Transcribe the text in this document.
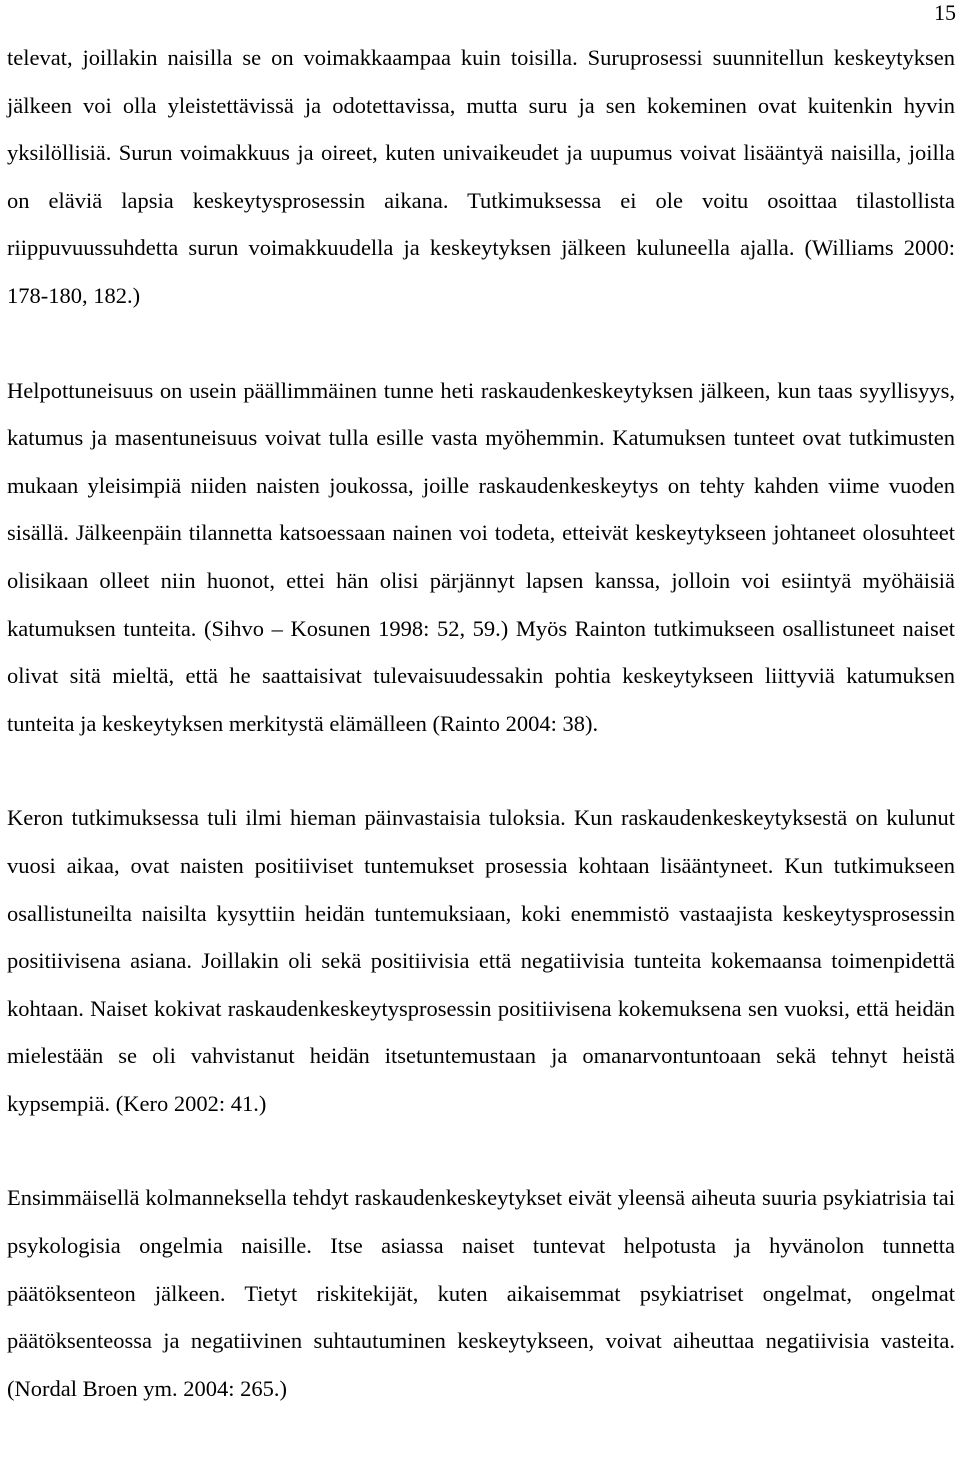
15

televat, joillakin naisilla se on voimakkaampaa kuin toisilla. Suruprosessi suunnitellun keskeytyksen jälkeen voi olla yleistettävissä ja odotettavissa, mutta suru ja sen kokeminen ovat kuitenkin hyvin yksilöllisiä. Surun voimakkuus ja oireet, kuten univaikeudet ja uupumus voivat lisääntyä naisilla, joilla on eläviä lapsia keskeytysprosessin aikana. Tutkimuksessa ei ole voitu osoittaa tilastollista riippuvuussuhdetta surun voimakkuudella ja keskeytyksen jälkeen kuluneella ajalla. (Williams 2000: 178-180, 182.)

Helpottuneisuus on usein päällimmäinen tunne heti raskaudenkeskeytyksen jälkeen, kun taas syyllisyys, katumus ja masentuneisuus voivat tulla esille vasta myöhemmin. Katumuksen tunteet ovat tutkimusten mukaan yleisimpiä niiden naisten joukossa, joille raskaudenkeskeytys on tehty kahden viime vuoden sisällä. Jälkeenpäin tilannetta katsoessaan nainen voi todeta, etteivät keskeytykseen johtaneet olosuhteet olisikaan olleet niin huonot, ettei hän olisi pärjännyt lapsen kanssa, jolloin voi esiintyä myöhäisiä katumuksen tunteita. (Sihvo – Kosunen 1998: 52, 59.) Myös Rainton tutkimukseen osallistuneet naiset olivat sitä mieltä, että he saattaisivat tulevaisuudessakin pohtia keskeytykseen liittyviä katumuksen tunteita ja keskeytyksen merkitystä elämälleen (Rainto 2004: 38).

Keron tutkimuksessa tuli ilmi hieman päinvastaisia tuloksia. Kun raskaudenkeskeytyksestä on kulunut vuosi aikaa, ovat naisten positiiviset tuntemukset prosessia kohtaan lisääntyneet. Kun tutkimukseen osallistuneilta naisilta kysyttiin heidän tuntemuksiaan, koki enemmistö vastaajista keskeytysprosessin positiivisena asiana. Joillakin oli sekä positiivisia että negatiivisia tunteita kokemaansa toimenpidettä kohtaan. Naiset kokivat raskaudenkeskeytysprosessin positiivisena kokemuksena sen vuoksi, että heidän mielestään se oli vahvistanut heidän itsetuntemustaan ja omanarvontuntoaan sekä tehnyt heistä kypsempiä. (Kero 2002: 41.)

Ensimmäisellä kolmanneksella tehdyt raskaudenkeskeytykset eivät yleensä aiheuta suuria psykiatrisia tai psykologisia ongelmia naisille. Itse asiassa naiset tuntevat helpotusta ja hyvänolon tunnetta päätöksenteon jälkeen. Tietyt riskitekijät, kuten aikaisemmat psykiatriset ongelmat, ongelmat päätöksenteossa ja negatiivinen suhtautuminen keskeytykseen, voivat aiheuttaa negatiivisia vasteita. (Nordal Broen ym. 2004: 265.)
